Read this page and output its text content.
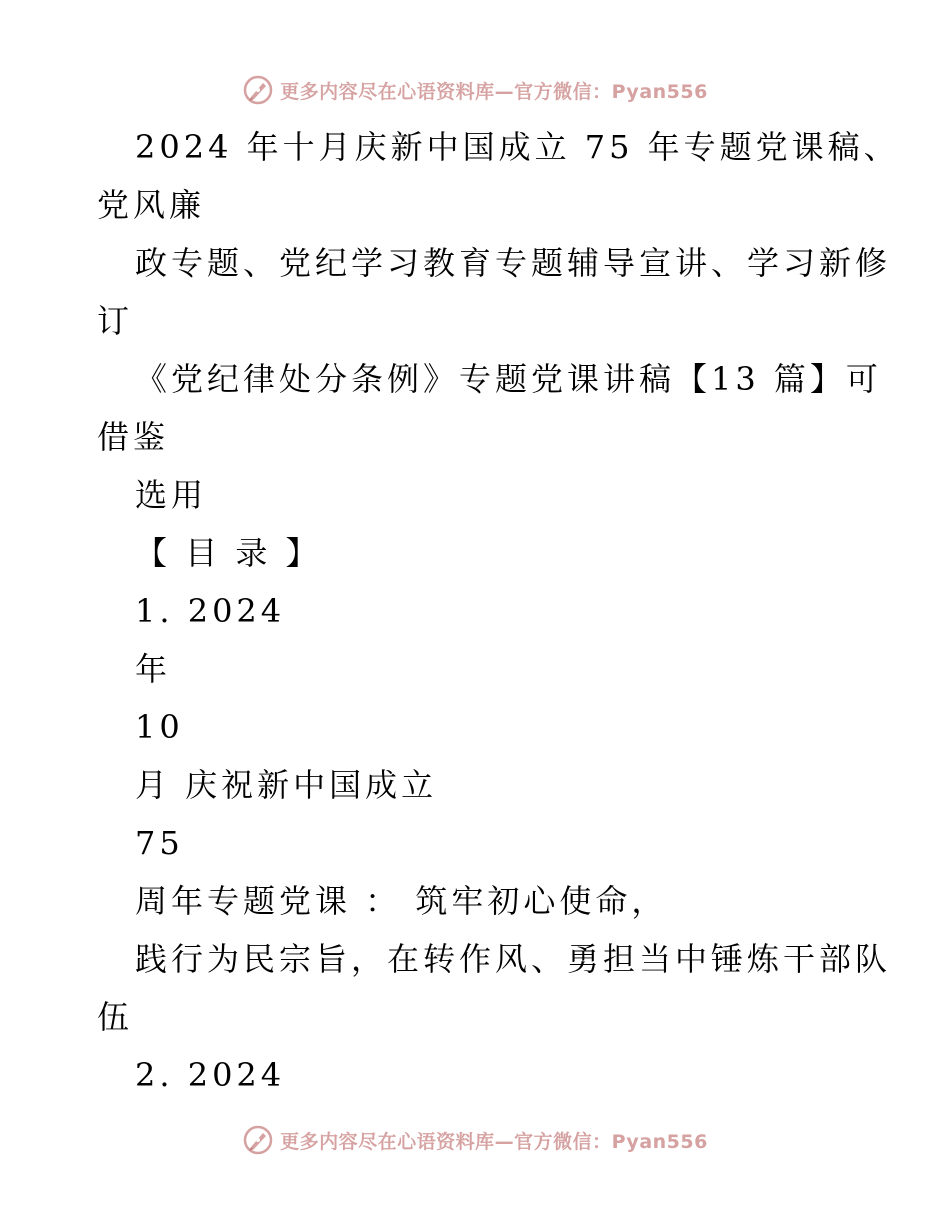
更多内容尽在心语资料库—官方微信：Pyan556
2024 年十月庆新中国成立 75 年专题党课稿、
党风廉
政专题、党纪学习教育专题辅导宣讲、学习新修
订
《党纪律处分条例》专题党课讲稿【13 篇】可
借鉴
选用
【 目 录 】
1. 2024
年
10
月 庆祝新中国成立
75
周年专题党课 ： 筑牢初心使命，
践行为民宗旨，在转作风、勇担当中锤炼干部队
伍
2. 2024
更多内容尽在心语资料库—官方微信：Pyan556
